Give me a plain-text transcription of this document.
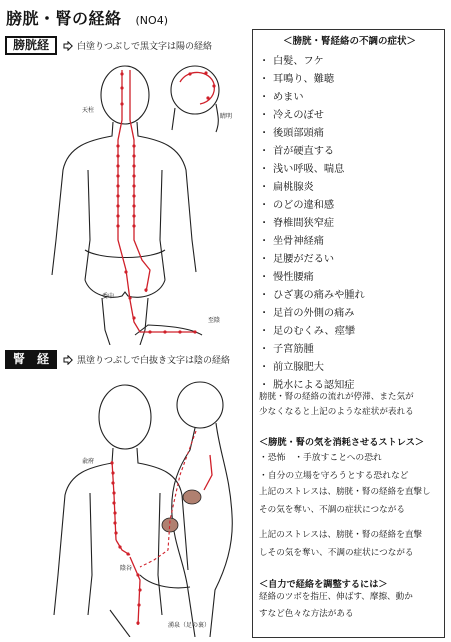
膀胱・腎の経絡 (NO4)
膀胱経	白塗りつぶしで黒文字は陽の経絡
天柱
睛明
委中
至陰
腎　経	黒塗りつぶしで白抜き文字は陰の経絡
兪府
陰谷
湧泉（足の裏）
＜膀胱・腎経絡の不調の症状＞
・ 白髪、フケ
・ 耳鳴り、難聴
・ めまい
・ 冷えのぼせ
・ 後頭部頭痛
・ 首が硬直する
・ 浅い呼吸、喘息
・ 扁桃腺炎
・ のどの違和感
・ 脊椎間狭窄症
・ 坐骨神経痛
・ 足腰がだるい
・ 慢性腰痛
・ ひざ裏の痛みや腫れ
・ 足首の外側の痛み
・ 足のむくみ、痙攣
・ 子宮筋腫
・ 前立腺肥大
・ 脱水による認知症
膀胱・腎の経絡の流れが停滞、また気が
少なくなると上記のような症状が表れる
＜膀胱・腎の気を消耗させるストレス＞
・恐怖　・手放すことへの恐れ
・自分の立場を守ろうとする恐れなど
上記のストレスは、膀胱・腎の経絡を直撃し
その気を奪い、不調の症状につながる
上記のストレスは、膀胱・腎の経絡を直撃
しその気を奪い、不調の症状につながる
＜自力で経絡を調整するには＞
経絡のツボを指圧、伸ばす、摩擦、動か
すなど色々な方法がある
